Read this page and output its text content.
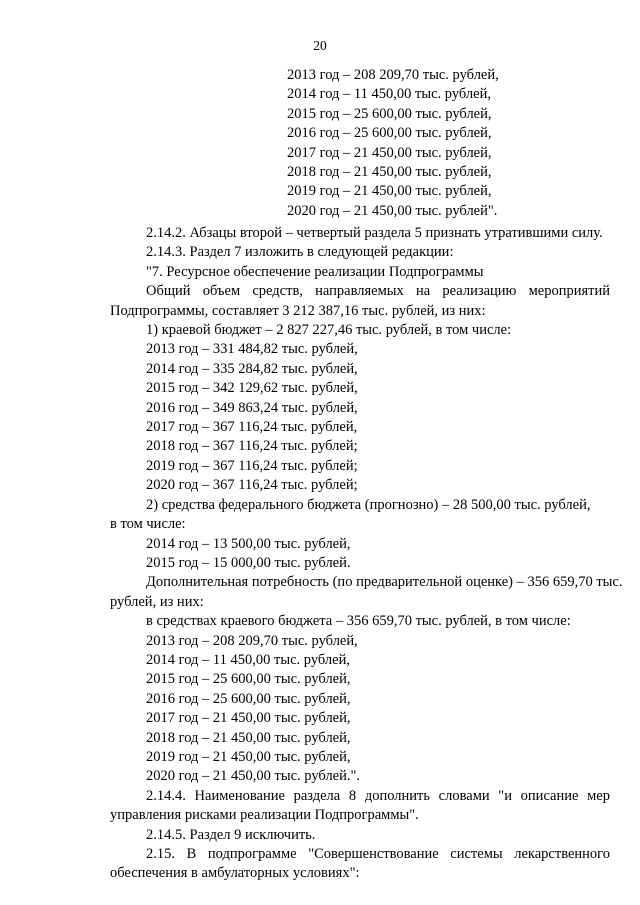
20
2013 год – 208 209,70 тыс. рублей,
2014 год – 11 450,00 тыс. рублей,
2015 год – 25 600,00 тыс. рублей,
2016 год – 25 600,00 тыс. рублей,
2017 год – 21 450,00 тыс. рублей,
2018 год – 21 450,00 тыс. рублей,
2019 год – 21 450,00 тыс. рублей,
2020 год – 21 450,00 тыс. рублей".
2.14.2. Абзацы второй – четвертый раздела 5 признать утратившими силу.
2.14.3. Раздел 7 изложить в следующей редакции:
"7. Ресурсное обеспечение реализации Подпрограммы
Общий объем средств, направляемых на реализацию мероприятий
Подпрограммы, составляет 3 212 387,16 тыс. рублей, из них:
1) краевой бюджет – 2 827 227,46 тыс. рублей, в том числе:
2013 год – 331 484,82 тыс. рублей,
2014 год – 335 284,82 тыс. рублей,
2015 год – 342 129,62 тыс. рублей,
2016 год – 349 863,24 тыс. рублей,
2017 год – 367 116,24 тыс. рублей,
2018 год – 367 116,24 тыс. рублей;
2019 год – 367 116,24 тыс. рублей;
2020 год – 367 116,24 тыс. рублей;
2) средства федерального бюджета (прогнозно) – 28 500,00 тыс. рублей,
в том числе:
2014 год – 13 500,00 тыс. рублей,
2015 год – 15 000,00 тыс. рублей.
Дополнительная потребность (по предварительной оценке) – 356 659,70 тыс.
рублей, из них:
в средствах краевого бюджета – 356 659,70 тыс. рублей, в том числе:
2013 год – 208 209,70 тыс. рублей,
2014 год – 11 450,00 тыс. рублей,
2015 год – 25 600,00 тыс. рублей,
2016 год – 25 600,00 тыс. рублей,
2017 год – 21 450,00 тыс. рублей,
2018 год – 21 450,00 тыс. рублей,
2019 год – 21 450,00 тыс. рублей,
2020 год – 21 450,00 тыс. рублей.".
2.14.4. Наименование раздела 8 дополнить словами "и описание мер управления рисками реализации Подпрограммы".
2.14.5. Раздел 9 исключить.
2.15. В подпрограмме "Совершенствование системы лекарственного обеспечения в амбулаторных условиях":
